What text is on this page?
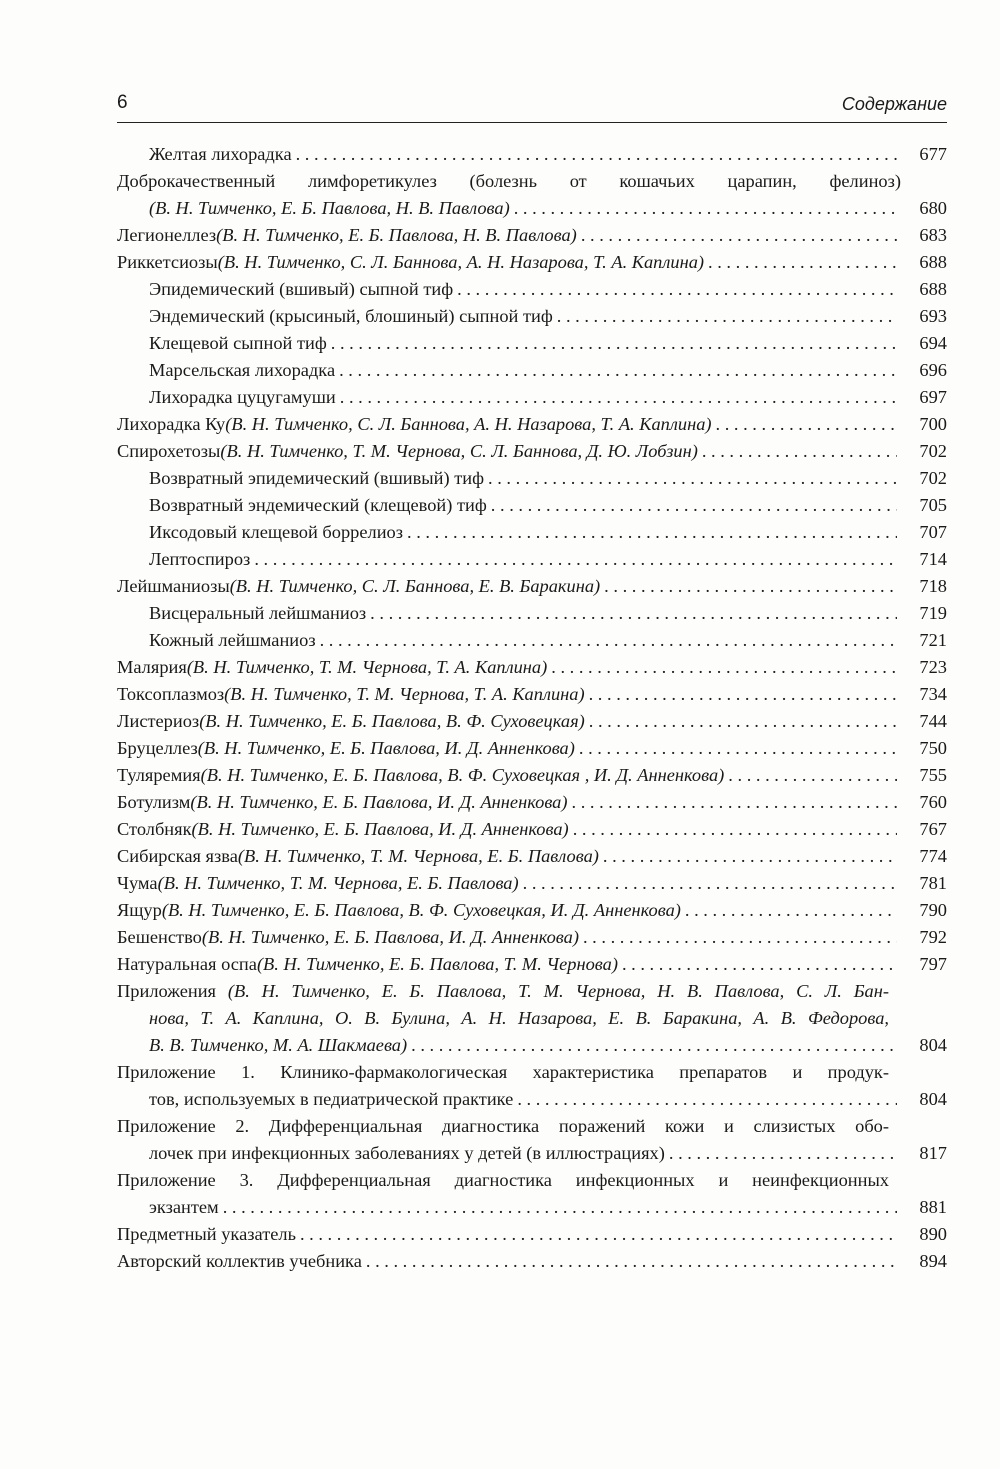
6	Содержание
Желтая лихорадка . . .	677
Доброкачественный лимфоретикулез (болезнь от кошачьих царапин, фелиноз)
(В. Н. Тимченко, Е. Б. Павлова, Н. В. Павлова) . . .	680
Легионеллез (В. Н. Тимченко, Е. Б. Павлова, Н. В. Павлова) . . .	683
Риккетсиозы (В. Н. Тимченко, С. Л. Баннова, А. Н. Назарова, Т. А. Каплина) . . .	688
Эпидемический (вшивый) сыпной тиф . . .	688
Эндемический (крысиный, блошиный) сыпной тиф . . .	693
Клещевой сыпной тиф . . .	694
Марсельская лихорадка . . .	696
Лихорадка цуцугамуши . . .	697
Лихорадка Ку (В. Н. Тимченко, С. Л. Баннова, А. Н. Назарова, Т. А. Каплина) . . .	700
Спирохетозы (В. Н. Тимченко, Т. М. Чернова, С. Л. Баннова, Д. Ю. Лобзин) . . .	702
Возвратный эпидемический (вшивый) тиф . . .	702
Возвратный эндемический (клещевой) тиф . . .	705
Иксодовый клещевой боррелиоз . . .	707
Лептоспироз . . .	714
Лейшманиозы (В. Н. Тимченко, С. Л. Баннова, Е. В. Баракина) . . .	718
Висцеральный лейшманиоз . . .	719
Кожный лейшманиоз . . .	721
Малярия (В. Н. Тимченко, Т. М. Чернова, Т. А. Каплина) . . .	723
Токсоплазмоз (В. Н. Тимченко, Т. М. Чернова, Т. А. Каплина) . . .	734
Листериоз (В. Н. Тимченко, Е. Б. Павлова, В. Ф. Суховецкая) . . .	744
Бруцеллез (В. Н. Тимченко, Е. Б. Павлова, И. Д. Анненкова) . . .	750
Туляремия (В. Н. Тимченко, Е. Б. Павлова, В. Ф. Суховецкая , И. Д. Анненкова) . . .	755
Ботулизм (В. Н. Тимченко, Е. Б. Павлова, И. Д. Анненкова) . . .	760
Столбняк (В. Н. Тимченко, Е. Б. Павлова, И. Д. Анненкова) . . .	767
Сибирская язва (В. Н. Тимченко, Т. М. Чернова, Е. Б. Павлова) . . .	774
Чума (В. Н. Тимченко, Т. М. Чернова, Е. Б. Павлова) . . .	781
Ящур (В. Н. Тимченко, Е. Б. Павлова, В. Ф. Суховецкая, И. Д. Анненкова) . . .	790
Бешенство (В. Н. Тимченко, Е. Б. Павлова, И. Д. Анненкова) . . .	792
Натуральная оспа (В. Н. Тимченко, Е. Б. Павлова, Т. М. Чернова) . . .	797
Приложения (В. Н. Тимченко, Е. Б. Павлова, Т. М. Чернова, Н. В. Павлова, С. Л. Бан-
нова, Т. А. Каплина, О. В. Булина, А. Н. Назарова, Е. В. Баракина, А. В. Федорова,
В. В. Тимченко, М. А. Шакмаева) . . .	804
Приложение 1. Клинико-фармакологическая характеристика препаратов и продук-
тов, используемых в педиатрической практике . . .	804
Приложение 2. Дифференциальная диагностика поражений кожи и слизистых обо-
лочек при инфекционных заболеваниях у детей (в иллюстрациях) . . .	817
Приложение 3. Дифференциальная диагностика инфекционных и неинфекционных
экзантем . . .	881
Предметный указатель . . .	890
Авторский коллектив учебника . . .	894
